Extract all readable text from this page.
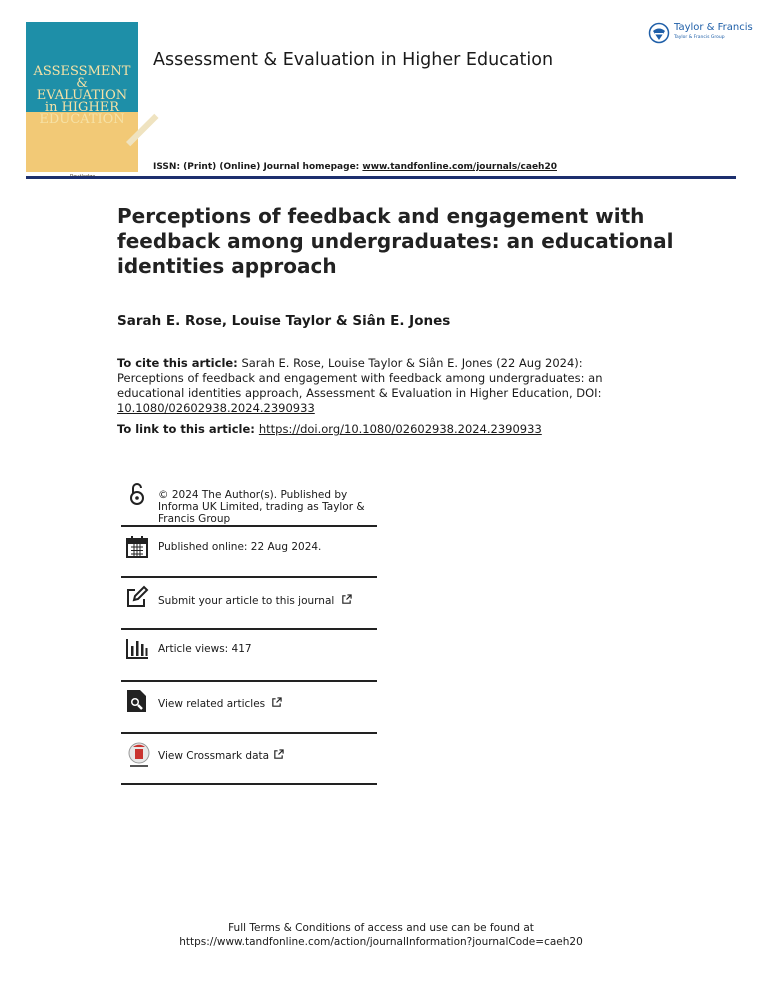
ASSESSMENT &
EVALUATION
in HIGHER
EDUCATION
Assessment & Evaluation in Higher Education
Taylor & Francis
Taylor & Francis Group
ISSN: (Print) (Online) Journal homepage: www.tandfonline.com/journals/caeh20
Perceptions of feedback and engagement with feedback among undergraduates: an educational identities approach
Sarah E. Rose, Louise Taylor & Siân E. Jones
To cite this article: Sarah E. Rose, Louise Taylor & Siân E. Jones (22 Aug 2024): Perceptions of feedback and engagement with feedback among undergraduates: an educational identities approach, Assessment & Evaluation in Higher Education, DOI: 10.1080/02602938.2024.2390933
To link to this article: https://doi.org/10.1080/02602938.2024.2390933
© 2024 The Author(s). Published by Informa UK Limited, trading as Taylor & Francis Group
Published online: 22 Aug 2024.
Submit your article to this journal
Article views: 417
View related articles
View Crossmark data
Full Terms & Conditions of access and use can be found at
https://www.tandfonline.com/action/journalInformation?journalCode=caeh20
